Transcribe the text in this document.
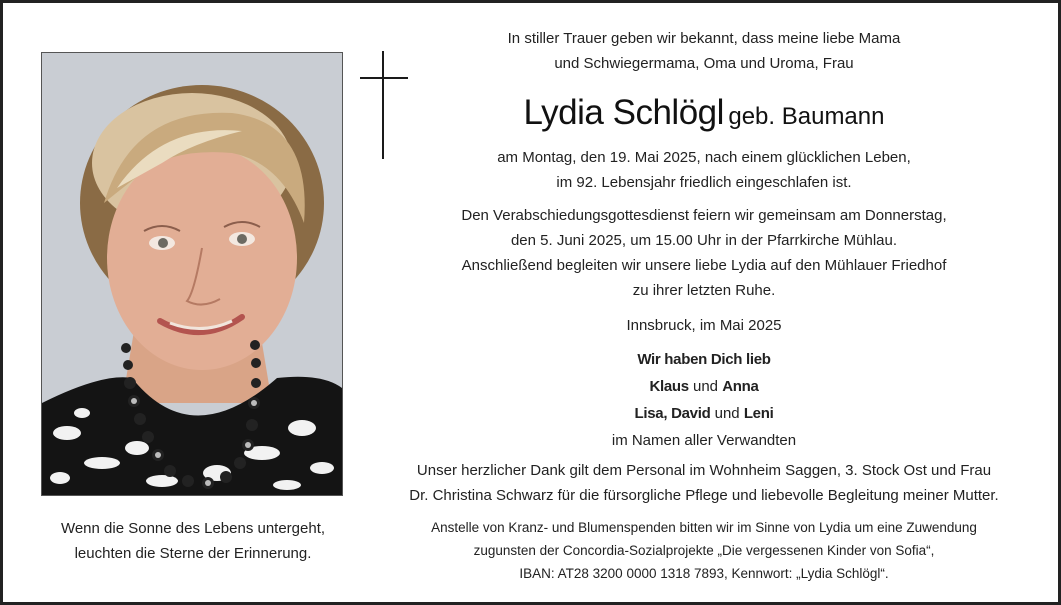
Wenn die Sonne des Lebens untergeht,
leuchten die Sterne der Erinnerung.
In stiller Trauer geben wir bekannt, dass meine liebe Mama
und Schwiegermama, Oma und Uroma, Frau
Lydia Schlögl geb. Baumann
am Montag, den 19. Mai 2025, nach einem glücklichen Leben,
im 92. Lebensjahr friedlich eingeschlafen ist.
Den Verabschiedungsgottesdienst feiern wir gemeinsam am Donnerstag,
den 5. Juni 2025, um 15.00 Uhr in der Pfarrkirche Mühlau.
Anschließend begleiten wir unsere liebe Lydia auf den Mühlauer Friedhof
zu ihrer letzten Ruhe.
Innsbruck, im Mai 2025
Wir haben Dich lieb
Klaus und Anna
Lisa, David und Leni
im Namen aller Verwandten
Unser herzlicher Dank gilt dem Personal im Wohnheim Saggen, 3. Stock Ost und Frau
Dr. Christina Schwarz für die fürsorgliche Pflege und liebevolle Begleitung meiner Mutter.
Anstelle von Kranz- und Blumenspenden bitten wir im Sinne von Lydia um eine Zuwendung
zugunsten der Concordia-Sozialprojekte „Die vergessenen Kinder von Sofia“,
IBAN: AT28 3200 0000 1318 7893, Kennwort: „Lydia Schlögl“.
